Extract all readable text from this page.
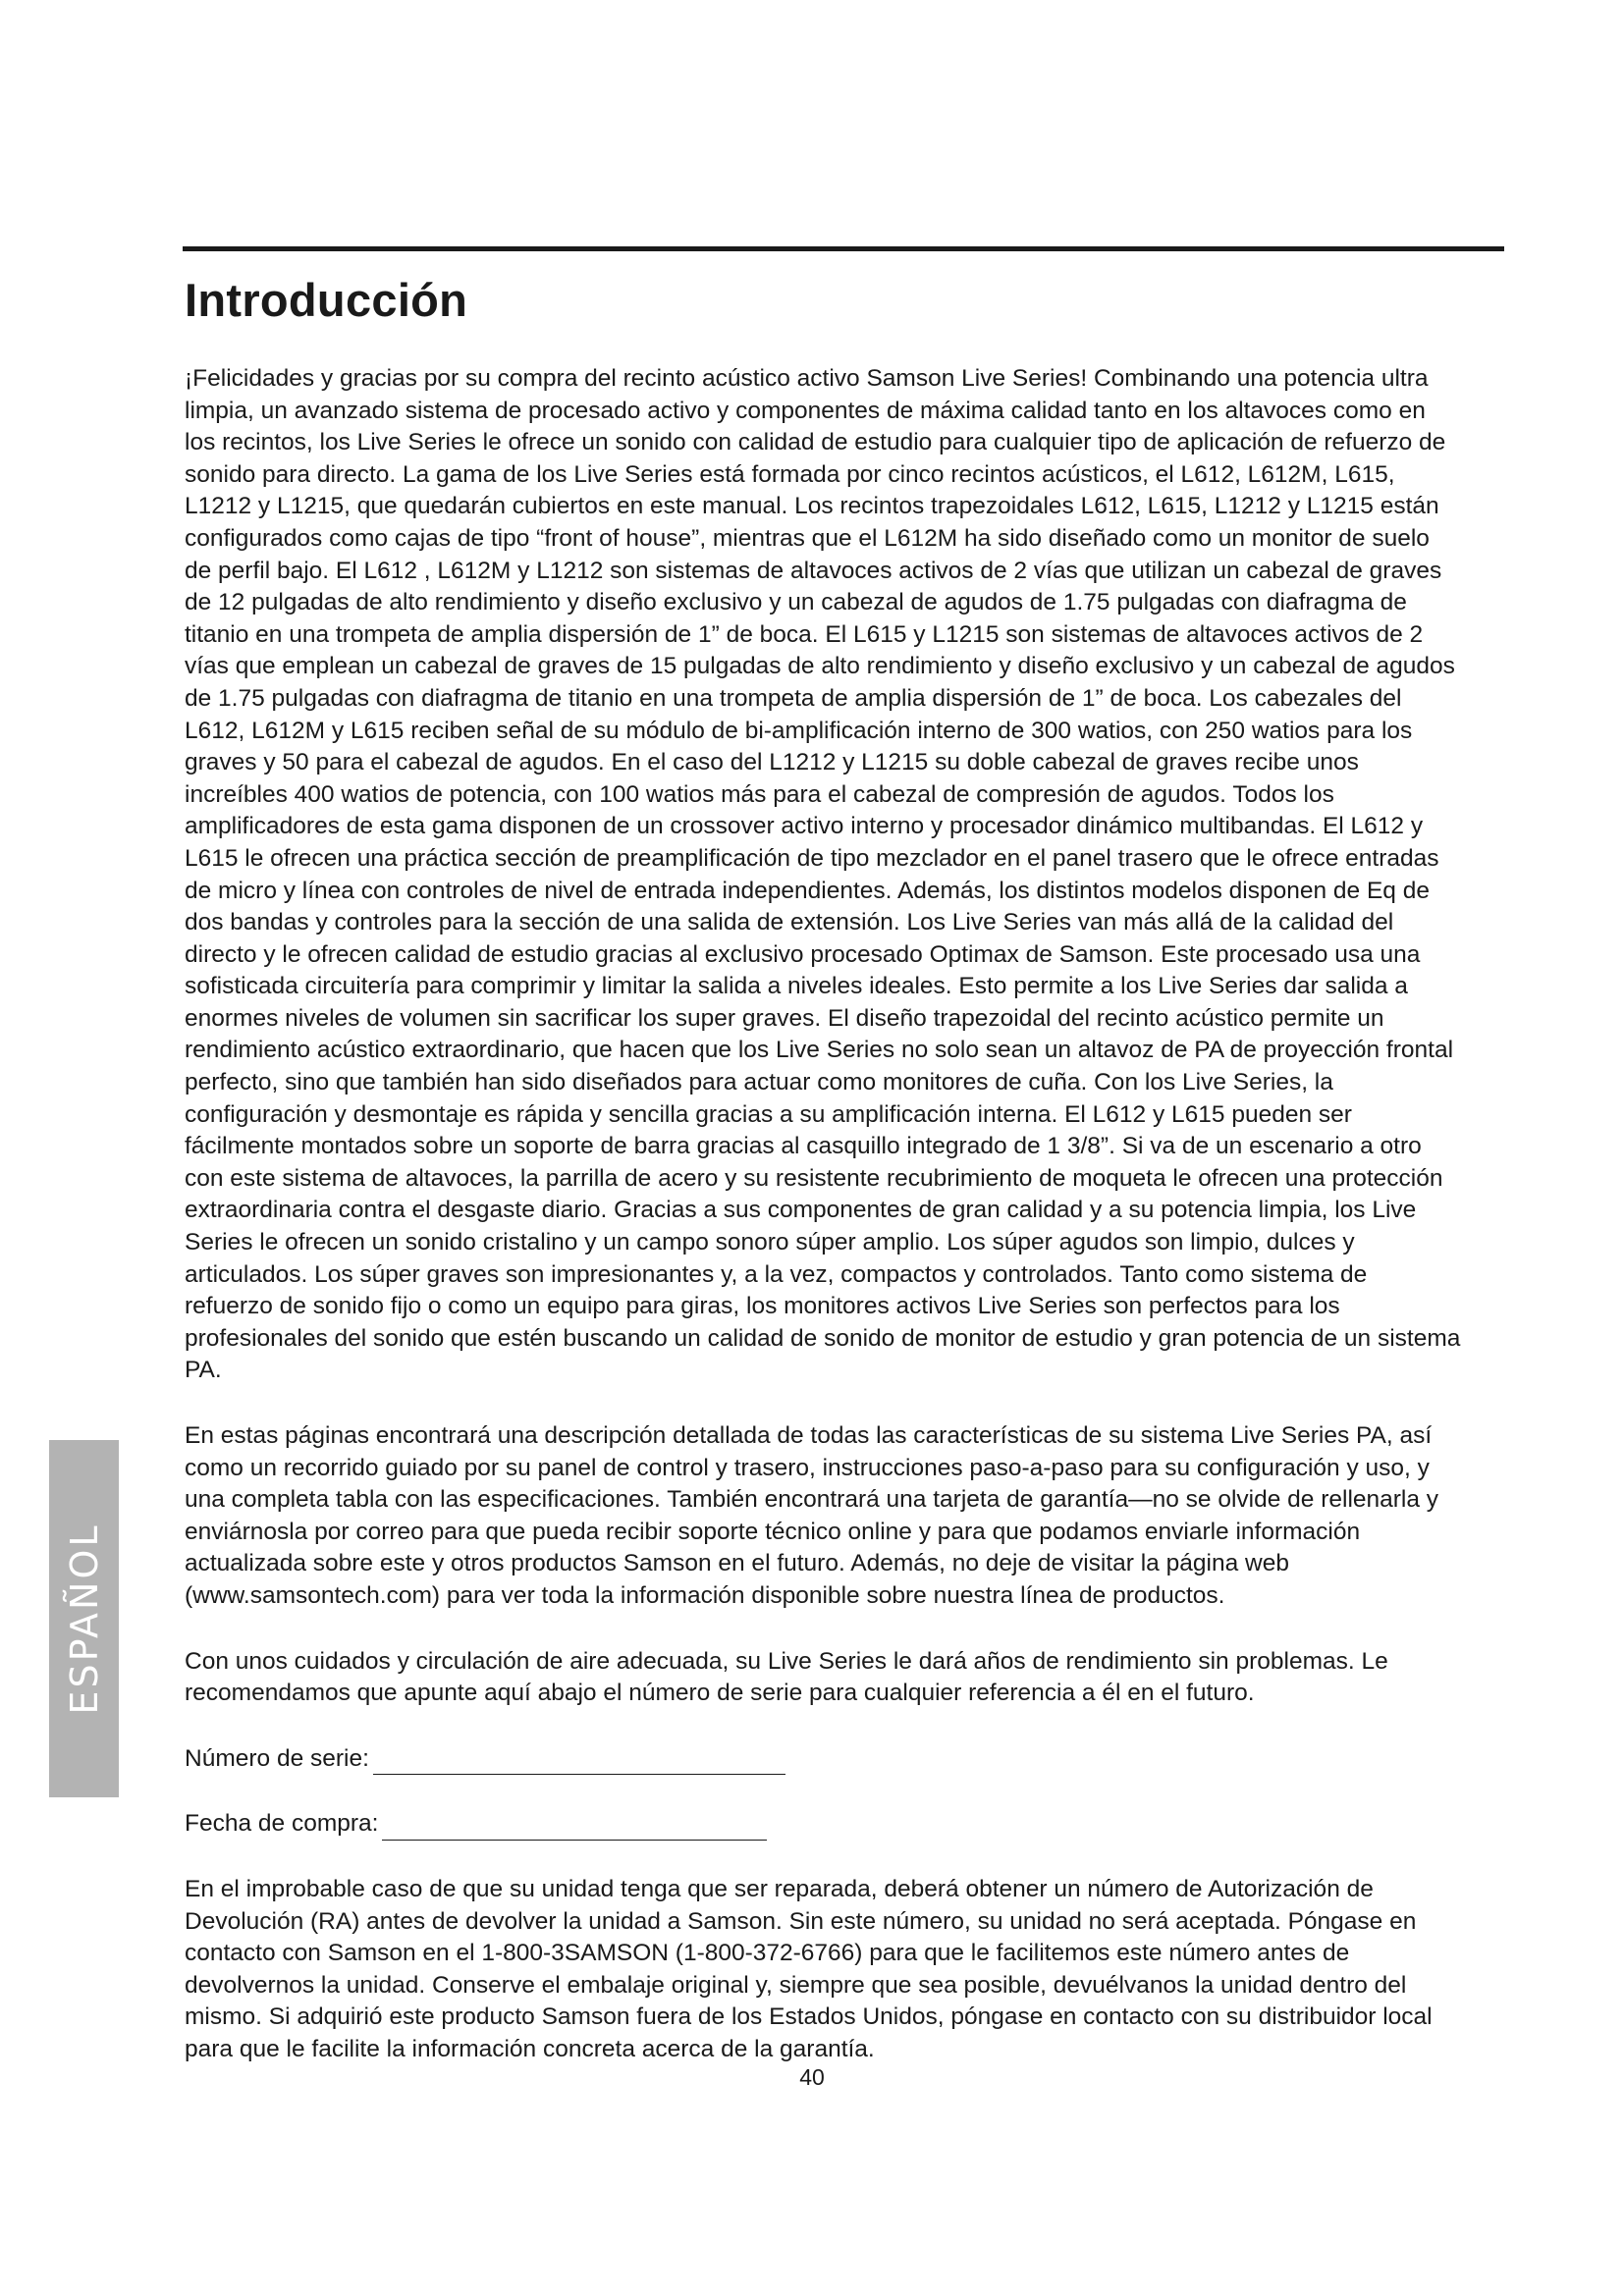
Introducción

¡Felicidades y gracias por su compra del recinto acústico activo Samson Live Series! Combinando una potencia ultra limpia, un avanzado sistema de procesado activo y componentes de máxima calidad tanto en los altavoces como en los recintos, los Live Series le ofrece un sonido con calidad de estudio para cualquier tipo de aplicación de refuerzo de sonido para directo. La gama de los Live Series está formada por cinco recintos acústicos, el L612, L612M, L615, L1212 y L1215, que quedarán cubiertos en este manual. Los recintos trapezoidales L612, L615, L1212 y L1215 están configurados como cajas de tipo “front of house”, mientras que el L612M ha sido diseñado como un monitor de suelo de perfil bajo. El L612 , L612M y L1212 son sistemas de altavoces activos de 2 vías que utilizan un cabezal de graves de 12 pulgadas de alto rendimiento y diseño exclusivo y un cabezal de agudos de 1.75 pulgadas con diafragma de titanio en una trompeta de amplia dispersión de 1” de boca. El L615 y L1215 son sistemas de altavoces activos de 2 vías que emplean un cabezal de graves de 15 pulgadas de alto rendimiento y diseño exclusivo y un cabezal de agudos de 1.75 pulgadas con diafragma de titanio en una trompeta de amplia dispersión de 1” de boca. Los cabezales del L612, L612M y L615 reciben señal de su módulo de bi-amplificación interno de 300 watios, con 250 watios para los graves y 50 para el cabezal de agudos. En el caso del L1212 y L1215 su doble cabezal de graves recibe unos increíbles 400 watios de potencia, con 100 watios más para el cabezal de compresión de agudos. Todos los amplificadores de esta gama disponen de un crossover activo interno y procesador dinámico multibandas. El L612 y L615 le ofrecen una práctica sección de preamplificación de tipo mezclador en el panel trasero que le ofrece entradas de micro y línea con controles de nivel de entrada independientes. Además, los distintos modelos disponen de Eq de dos bandas y controles para la sección de una salida de extensión. Los Live Series van más allá de la calidad del directo y le ofrecen calidad de estudio gracias al exclusivo procesado Optimax de Samson. Este procesado usa una sofisticada circuitería para comprimir y limitar la salida a niveles ideales. Esto permite a los Live Series dar salida a enormes niveles de volumen sin sacrificar los super graves. El diseño trapezoidal del recinto acústico permite un rendimiento acústico extraordinario, que hacen que los Live Series no solo sean un altavoz de PA de proyección frontal perfecto, sino que también han sido diseñados para actuar como monitores de cuña. Con los Live Series, la configuración y desmontaje es rápida y sencilla gracias a su amplificación interna. El L612 y L615 pueden ser fácilmente montados sobre un soporte de barra gracias al casquillo integrado de 1 3/8”. Si va de un escenario a otro con este sistema de altavoces, la parrilla de acero y su resistente recubrimiento de moqueta le ofrecen una protección extraordinaria contra el desgaste diario. Gracias a sus componentes de gran calidad y a su potencia limpia, los Live Series le ofrecen un sonido cristalino y un campo sonoro súper amplio. Los súper agudos son limpio, dulces y articulados. Los súper graves son impresionantes y, a la vez, compactos y controlados. Tanto como sistema de refuerzo de sonido fijo o como un equipo para giras, los monitores activos Live Series son perfectos para los profesionales del sonido que estén buscando un calidad de sonido de monitor de estudio y gran potencia de un sistema PA.

En estas páginas encontrará una descripción detallada de todas las características de su sistema Live Series PA, así como un recorrido guiado por su panel de control y trasero, instrucciones paso-a-paso para su configuración y uso, y una completa tabla con las especificaciones. También encontrará una tarjeta de garantía—no se olvide de rellenarla y enviárnosla por correo para que pueda recibir soporte técnico online y para que podamos enviarle información actualizada sobre este y otros productos Samson en el futuro. Además, no deje de visitar la página web (www.samsontech.com) para ver toda la información disponible sobre nuestra línea de productos.

Con unos cuidados y circulación de aire adecuada, su Live Series le dará años de rendimiento sin problemas. Le recomendamos que apunte aquí abajo el número de serie para cualquier referencia a él en el futuro.

Número de serie:
Fecha de compra:

En el improbable caso de que su unidad tenga que ser reparada, deberá obtener un número de Autorización de Devolución (RA) antes de devolver la unidad a Samson. Sin este número, su unidad no será aceptada. Póngase en contacto con Samson en el 1-800-3SAMSON (1-800-372-6766) para que le facilitemos este número antes de devolvernos la unidad. Conserve el embalaje original y, siempre que sea posible, devuélvanos la unidad dentro del mismo. Si adquirió este producto Samson fuera de los Estados Unidos, póngase en contacto con su distribuidor local para que le facilite la información concreta acerca de la garantía.

ESPAÑOL
40
